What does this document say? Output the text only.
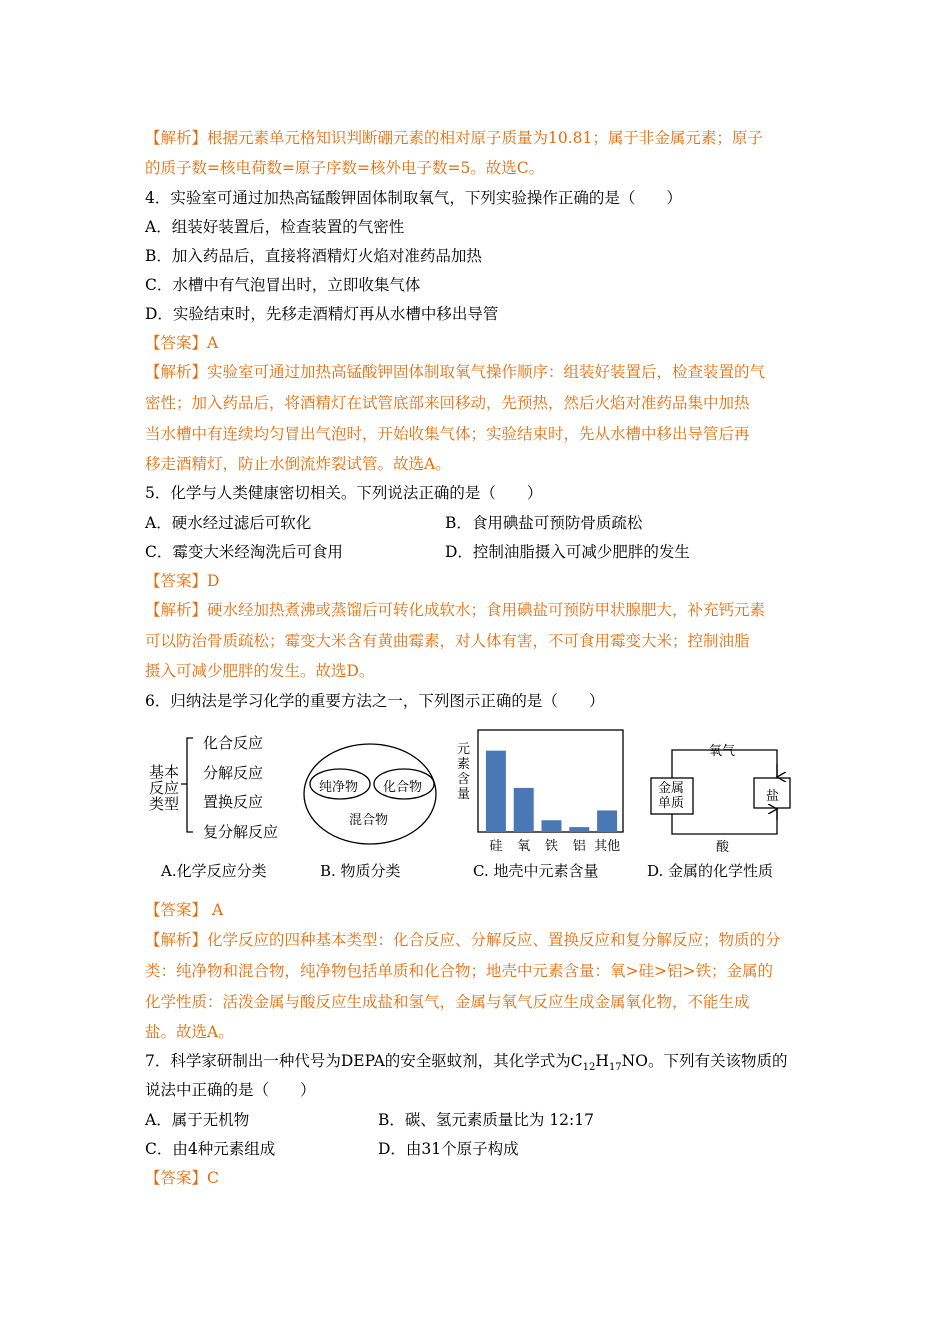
【解析】根据元素单元格知识判断硼元素的相对原子质量为10.81；属于非金属元素；原子
的质子数=核电荷数=原子序数=核外电子数=5。故选C。
4．实验室可通过加热高锰酸钾固体制取氧气，下列实验操作正确的是（　　）
A．组装好装置后，检查装置的气密性
B．加入药品后，直接将酒精灯火焰对准药品加热
C．水槽中有气泡冒出时，立即收集气体
D．实验结束时，先移走酒精灯再从水槽中移出导管
【答案】A
【解析】实验室可通过加热高锰酸钾固体制取氧气操作顺序：组装好装置后，检查装置的气
密性；加入药品后，将酒精灯在试管底部来回移动，先预热，然后火焰对准药品集中加热
当水槽中有连续均匀冒出气泡时，开始收集气体；实验结束时，先从水槽中移出导管后再
移走酒精灯，防止水倒流炸裂试管。故选A。
5．化学与人类健康密切相关。下列说法正确的是（　　）
A．硬水经过滤后可软化	B．食用碘盐可预防骨质疏松
C．霉变大米经淘洗后可食用	D．控制油脂摄入可减少肥胖的发生
【答案】D
【解析】硬水经加热煮沸或蒸馏后可转化成软水；食用碘盐可预防甲状腺肥大，补充钙元素
可以防治骨质疏松；霉变大米含有黄曲霉素，对人体有害，不可食用霉变大米；控制油脂
摄入可减少肥胖的发生。故选D。
6．归纳法是学习化学的重要方法之一，下列图示正确的是（　　）
基本
反应
类型
化合反应
分解反应
置换反应
复分解反应
A.化学反应分类
纯净物 化合物
混合物
B. 物质分类
元
素
含
量
硅 氧 铁 铝 其他
C. 地壳中元素含量
氧气
金属
单质	盐
酸
D. 金属的化学性质
【答案】 A
【解析】化学反应的四种基本类型：化合反应、分解反应、置换反应和复分解反应；物质的分
类：纯净物和混合物，纯净物包括单质和化合物；地壳中元素含量：氧>硅>铝>铁；金属的
化学性质：活泼金属与酸反应生成盐和氢气，金属与氧气反应生成金属氧化物，不能生成
盐。故选A。
7．科学家研制出一种代号为DEPA的安全驱蚊剂，其化学式为$C_{12}H_{17}NO$。下列有关该物质的
说法中正确的是（　　）
A．属于无机物	B．碳、氢元素质量比为 12:17
C．由4种元素组成	D．由31个原子构成
【答案】C
